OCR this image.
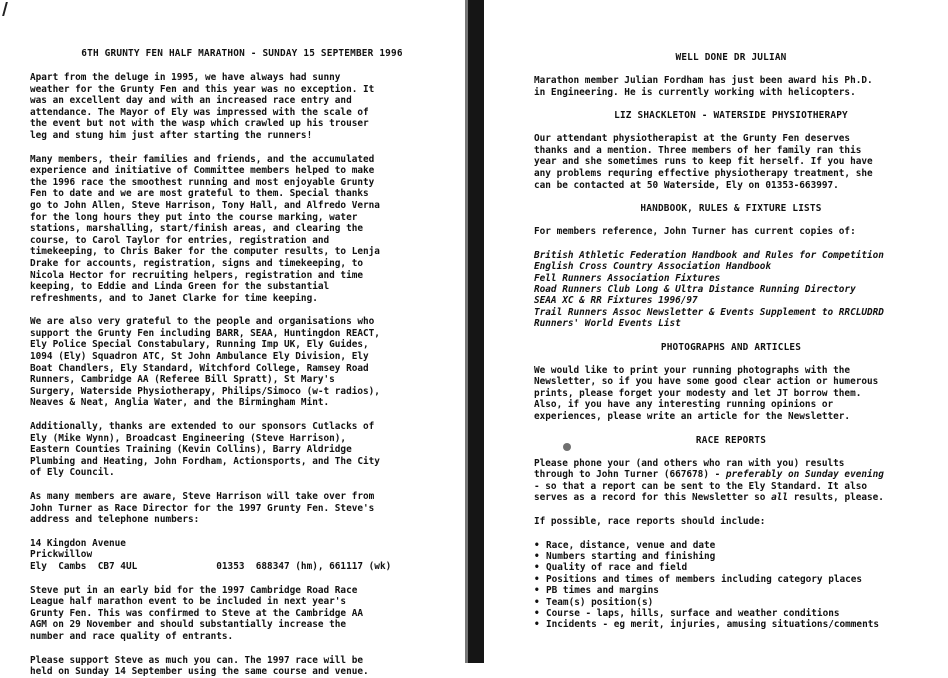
6TH GRUNTY FEN HALF MARATHON - SUNDAY 15 SEPTEMBER 1996

Apart from the deluge in 1995, we have always had sunny
weather for the Grunty Fen and this year was no exception. It
was an excellent day and with an increased race entry and
attendance. The Mayor of Ely was impressed with the scale of
the event but not with the wasp which crawled up his trouser
leg and stung him just after starting the runners!

Many members, their families and friends, and the accumulated
experience and initiative of Committee members helped to make
the 1996 race the smoothest running and most enjoyable Grunty
Fen to date and we are most grateful to them. Special thanks
go to John Allen, Steve Harrison, Tony Hall, and Alfredo Verna
for the long hours they put into the course marking, water
stations, marshalling, start/finish areas, and clearing the
course, to Carol Taylor for entries, registration and
timekeeping, to Chris Baker for the computer results, to Lenja
Drake for accounts, registration, signs and timekeeping, to
Nicola Hector for recruiting helpers, registration and time
keeping, to Eddie and Linda Green for the substantial
refreshments, and to Janet Clarke for time keeping.

We are also very grateful to the people and organisations who
support the Grunty Fen including BARR, SEAA, Huntingdon REACT,
Ely Police Special Constabulary, Running Imp UK, Ely Guides,
1094 (Ely) Squadron ATC, St John Ambulance Ely Division, Ely
Boat Chandlers, Ely Standard, Witchford College, Ramsey Road
Runners, Cambridge AA (Referee Bill Spratt), St Mary's
Surgery, Waterside Physiotherapy, Philips/Simoco (w-t radios),
Neaves & Neat, Anglia Water, and the Birmingham Mint.

Additionally, thanks are extended to our sponsors Cutlacks of
Ely (Mike Wynn), Broadcast Engineering (Steve Harrison),
Eastern Counties Training (Kevin Collins), Barry Aldridge
Plumbing and Heating, John Fordham, Actionsports, and The City
of Ely Council.

As many members are aware, Steve Harrison will take over from
John Turner as Race Director for the 1997 Grunty Fen. Steve's
address and telephone numbers:

14 Kingdon Avenue
Prickwillow
Ely  Cambs  CB7 4UL              01353  688347 (hm), 661117 (wk)

Steve put in an early bid for the 1997 Cambridge Road Race
League half marathon event to be included in next year's
Grunty Fen. This was confirmed to Steve at the Cambridge AA
AGM on 29 November and should substantially increase the
number and race quality of entrants.

Please support Steve as much you can. The 1997 race will be
held on Sunday 14 September using the same course and venue.

WELL DONE DR JULIAN

Marathon member Julian Fordham has just been award his Ph.D.
in Engineering. He is currently working with helicopters.

LIZ SHACKLETON - WATERSIDE PHYSIOTHERAPY

Our attendant physiotherapist at the Grunty Fen deserves
thanks and a mention. Three members of her family ran this
year and she sometimes runs to keep fit herself. If you have
any problems requring effective physiotherapy treatment, she
can be contacted at 50 Waterside, Ely on 01353-663997.

HANDBOOK, RULES & FIXTURE LISTS

For members reference, John Turner has current copies of:

British Athletic Federation Handbook and Rules for Competition
English Cross Country Association Handbook
Fell Runners Association Fixtures
Road Runners Club Long & Ultra Distance Running Directory
SEAA XC & RR Fixtures 1996/97
Trail Runners Assoc Newsletter & Events Supplement to RRCLUDRD
Runners' World Events List
PHOTOGRAPHS AND ARTICLES

We would like to print your running photographs with the
Newsletter, so if you have some good clear action or humerous
prints, please forget your modesty and let JT borrow them.
Also, if you have any interesting running opinions or
experiences, please write an article for the Newsletter.

RACE REPORTS

Please phone your (and others who ran with you) results
through to John Turner (667678) - preferably on Sunday evening
- so that a report can be sent to the Ely Standard. It also
serves as a record for this Newsletter so all results, please.

If possible, race reports should include:

• Race, distance, venue and date
• Numbers starting and finishing
• Quality of race and field
• Positions and times of members including category places
• PB times and margins
• Team(s) position(s)
• Course - laps, hills, surface and weather conditions
• Incidents - eg merit, injuries, amusing situations/comments
